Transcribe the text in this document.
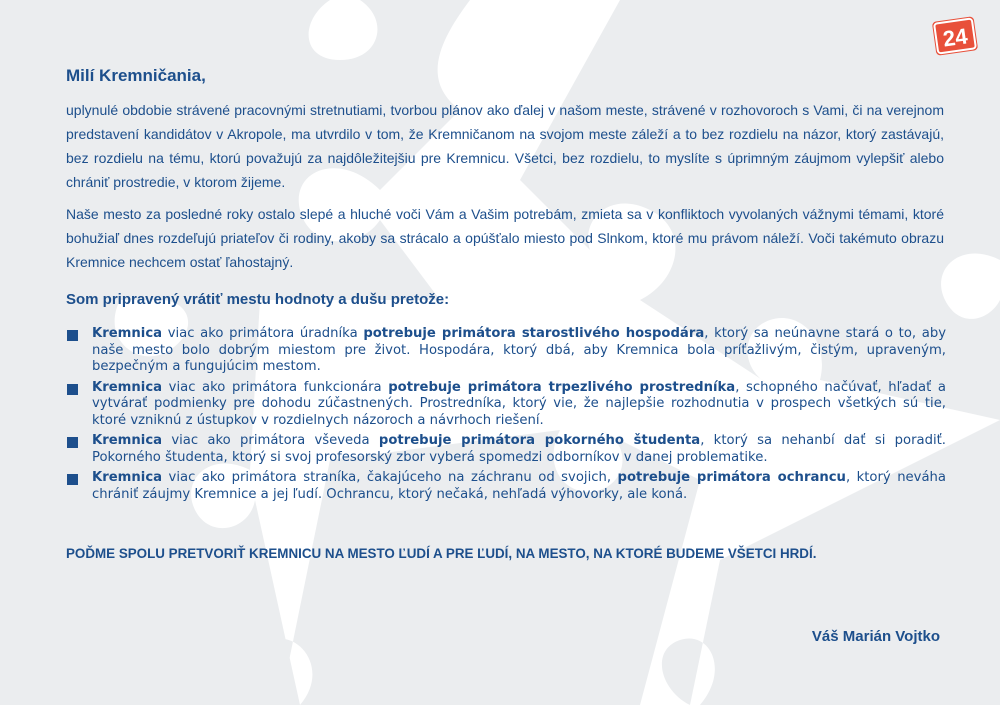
24
Milí Kremničania,

uplynulé obdobie strávené pracovnými stretnutiami, tvorbou plánov ako ďalej v našom meste, strávené v rozhovoroch s Vami, či na verejnom predstavení kandidátov v Akropole, ma utvrdilo v tom, že Kremničanom na svojom meste záleží a to bez rozdielu na názor, ktorý zastávajú, bez rozdielu na tému, ktorú považujú za najdôležitejšiu pre Kremnicu. Všetci, bez rozdielu, to myslíte s úprimným záujmom vylepšiť alebo chrániť prostredie, v ktorom žijeme.

Naše mesto za posledné roky ostalo slepé a hluché voči Vám a Vašim potrebám, zmieta sa v konfliktoch vyvolaných vážnymi témami, ktoré bohužiaľ dnes rozdeľujú priateľov či rodiny, akoby sa strácalo a opúšťalo miesto pod Slnkom, ktoré mu právom náleží. Voči takémuto obrazu Kremnice nechcem ostať ľahostajný.

Som pripravený vrátiť mestu hodnoty a dušu pretože:
Kremnica viac ako primátora úradníka potrebuje primátora starostlivého hospodára, ktorý sa neúnavne stará o to, aby naše mesto bolo dobrým miestom pre život. Hospodára, ktorý dbá, aby Kremnica bola príťažlivým, čistým, upraveným, bezpečným a fungujúcim mestom.
Kremnica viac ako primátora funkcionára potrebuje primátora trpezlivého prostredníka, schopného načúvať, hľadať a vytvárať podmienky pre dohodu zúčastnených. Prostredníka, ktorý vie, že najlepšie rozhodnutia v prospech všetkých sú tie, ktoré vzniknú z ústupkov v rozdielnych názoroch a návrhoch riešení.
Kremnica viac ako primátora vševeda potrebuje primátora pokorného študenta, ktorý sa nehanbí dať si poradiť. Pokorného študenta, ktorý si svoj profesorský zbor vyberá spomedzi odborníkov v danej problematike.
Kremnica viac ako primátora straníka, čakajúceho na záchranu od svojich, potrebuje primátora ochrancu, ktorý neváha chrániť záujmy Kremnice a jej ľudí. Ochrancu, ktorý nečaká, nehľadá výhovorky, ale koná.

POĎME SPOLU PRETVORIŤ KREMNICU NA MESTO ĽUDÍ A PRE ĽUDÍ, NA MESTO, NA KTORÉ BUDEME VŠETCI HRDÍ.

Váš Marián Vojtko
